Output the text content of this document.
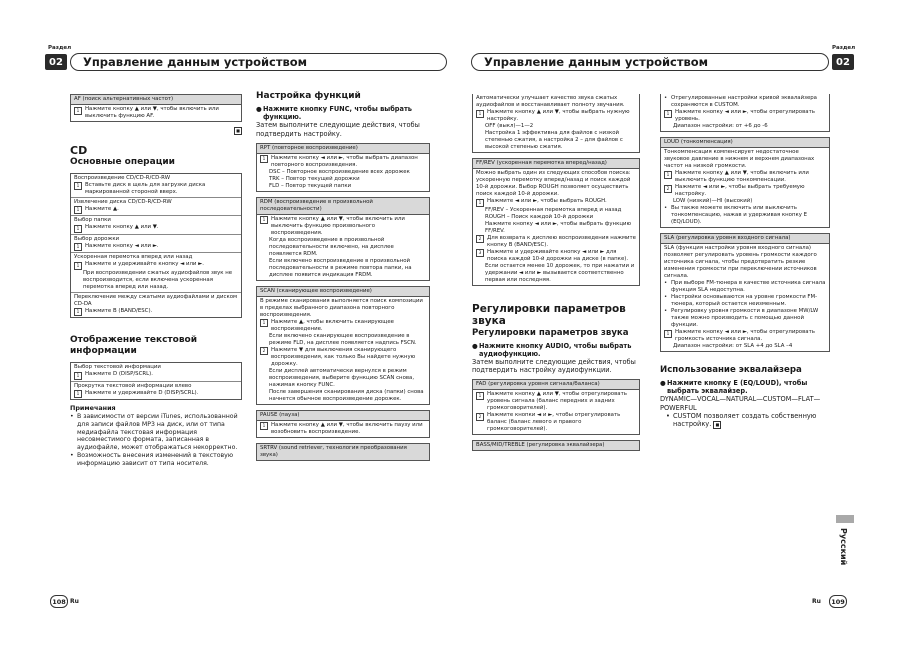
Раздел
02	Управление данным устройством
Раздел
Управление данным устройством	02
AF (поиск альтернативных частот)
1	Нажмите кнопку ▲ или ▼, чтобы включить или выключить функцию AF.
■
CD
Основные операции
Воспроизведение CD/CD-R/CD-RW
1	Вставьте диск в щель для загрузки диска маркированной стороной вверх.
Извлечение диска CD/CD-R/CD-RW
1	Нажмите ▲.
Выбор папки
1	Нажмите кнопку ▲ или ▼.
Выбор дорожки
1	Нажмите кнопку ◄ или ►.
Ускоренная перемотка вперед или назад
1	Нажмите и удерживайте кнопку ◄ или ►.
При воспроизведении сжатых аудиофайлов звук не воспроизводится, если включена ускоренная перемотка вперед или назад.
Переключение между сжатыми аудиофайлами и диском CD-DA
1	Нажмите B (BAND/ESC).
Отображение текстовой информации
Выбор текстовой информации
1	Нажмите D (DISP/SCRL).
Прокрутка текстовой информации влево
1	Нажмите и удерживайте D (DISP/SCRL).
Примечания
• В зависимости от версии iTunes, использованной для записи файлов MP3 на диск, или от типа медиафайла текстовая информация несовместимого формата, записанная в аудиофайле, может отображаться некорректно.
• Возможность внесения изменений в текстовую информацию зависит от типа носителя.
Настройка функций
● Нажмите кнопку FUNC, чтобы выбрать функцию.
Затем выполните следующие действия, чтобы подтвердить настройку.
RPT (повторное воспроизведение)
1	Нажмите кнопку ◄ или ►, чтобы выбрать диапазон повторного воспроизведения.
DSC – Повторное воспроизведение всех дорожек
TRK – Повтор текущей дорожки
FLD – Повтор текущей папки
RDM (воспроизведение в произвольной последовательности)
1	Нажмите кнопку ▲ или ▼, чтобы включить или выключить функцию произвольного воспроизведения.
Когда воспроизведение в произвольной последовательности включено, на дисплее появляется RDM.
Если включено воспроизведение в произвольной последовательности в режиме повтора папки, на дисплее появится индикация FRDM.
SCAN (сканирующее воспроизведение)
В режиме сканирования выполняется поиск композиции в пределах выбранного диапазона повторного воспроизведения.
1	Нажмите ▲, чтобы включить сканирующее воспроизведение.
Если включено сканирующее воспроизведение в режиме FLD, на дисплее появляется надпись FSCN.
2	Нажмите ▼ для выключения сканирующего воспроизведения, как только Вы найдете нужную дорожку.
Если дисплей автоматически вернулся в режим воспроизведения, выберите функцию SCAN снова, нажимая кнопку FUNC.
После завершения сканирования диска (папки) снова начнется обычное воспроизведение дорожек.
PAUSE (пауза)
1	Нажмите кнопку ▲ или ▼, чтобы включить паузу или возобновить воспроизведение.
SRTRV (sound retriever, технология преобразования звука)
Автоматически улучшает качество звука сжатых аудиофайлов и восстанавливает полноту звучания.
1	Нажмите кнопку ▲ или ▼, чтобы выбрать нужную настройку.
OFF (выкл)—1—2
Настройка 1 эффективна для файлов с низкой степенью сжатия, а настройка 2 – для файлов с высокой степенью сжатия.
FF/REV (ускоренная перемотка вперед/назад)
Можно выбрать один из следующих способов поиска: ускоренную перемотку вперед/назад и поиск каждой 10-й дорожки. Выбор ROUGH позволяет осуществить поиск каждой 10-й дорожки.
1	Нажмите ◄ или ►, чтобы выбрать ROUGH.
FF/REV – Ускоренная перемотка вперед и назад
ROUGH – Поиск каждой 10-й дорожки
Нажмите кнопку ◄ или ►, чтобы выбрать функцию FF/REV.
2	Для возврата к дисплею воспроизведения нажмите кнопку B (BAND/ESC).
3	Нажмите и удерживайте кнопку ◄ или ► для поиска каждой 10-й дорожки на диске (в папке).
Если остается менее 10 дорожек, то при нажатии и удержании ◄ или ► вызывается соответственно первая или последняя.
Регулировки параметров звука
Регулировки параметров звука
● Нажмите кнопку AUDIO, чтобы выбрать аудиофункцию.
Затем выполните следующие действия, чтобы подтвердить настройку аудиофункции.
FAD (регулировка уровня сигнала/баланса)
1	Нажмите кнопку ▲ или ▼, чтобы отрегулировать уровень сигнала (баланс передних и задних громкоговорителей).
2	Нажмите кнопки ◄ и ►, чтобы отрегулировать баланс (баланс левого и правого громкоговорителей).
BASS/MID/TREBLE (регулировка эквалайзера)
• Отрегулированные настройки кривой эквалайзера сохраняются в CUSTOM.
1	Нажмите кнопку ◄ или ►, чтобы отрегулировать уровень.
Диапазон настройки: от +6 до -6
LOUD (тонкомпенсация)
Тонкомпенсация компенсирует недостаточное звуковое давление в нижнем и верхнем диапазонах частот на низкой громкости.
1	Нажмите кнопку ▲ или ▼, чтобы включить или выключить функцию тонкомпенсации.
2	Нажмите ◄ или ►, чтобы выбрать требуемую настройку.
LOW (низкий)—HI (высокий)
• Вы также можете включить или выключить тонкомпенсацию, нажав и удерживая кнопку E (EQ/LOUD).
SLA (регулировка уровня входного сигнала)
SLA (функция настройки уровня входного сигнала) позволяет регулировать уровень громкости каждого источника сигнала, чтобы предотвратить резкие изменения громкости при переключении источников сигнала.
• При выборе FM-тюнера в качестве источника сигнала функция SLA недоступна.
• Настройки основываются на уровне громкости FM-тюнера, который остается неизменным.
• Регулировку уровня громкости в диапазоне MW/LW также можно производить с помощью данной функции.
1	Нажмите кнопку ◄ или ►, чтобы отрегулировать громкость источника сигнала.
Диапазон настройки: от SLA +4 до SLA –4
Использование эквалайзера
● Нажмите кнопку E (EQ/LOUD), чтобы выбрать эквалайзер.
DYNAMIC—VOCAL—NATURAL—CUSTOM—FLAT—POWERFUL
• CUSTOM позволяет создать собственную настройку. ■
Русский
108 Ru	Ru	109
